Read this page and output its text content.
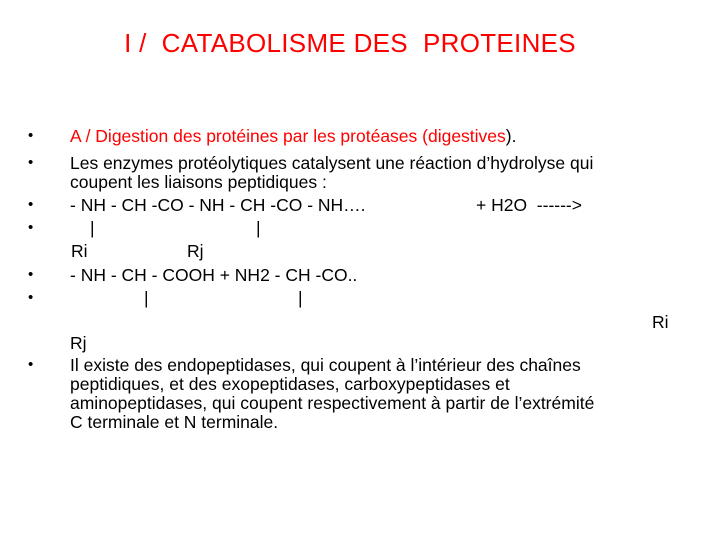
I /  CATABOLISME DES  PROTEINES
• A / Digestion des protéines par les protéases (digestives).
• Les enzymes protéolytiques catalysent une réaction d’hydrolyse qui
coupent les liaisons peptidiques :
• - NH - CH -CO - NH - CH -CO - NH….	+ H2O  ------>
•	|	|
Ri	Rj
• - NH - CH - COOH + NH2 - CH -CO..
•	|	|
Ri
Rj
• Il existe des endopeptidases, qui coupent à l’intérieur des chaînes
peptidiques, et des exopeptidases, carboxypeptidases et
aminopeptidases, qui coupent respectivement à partir de l’extrémité
C terminale et N terminale.
